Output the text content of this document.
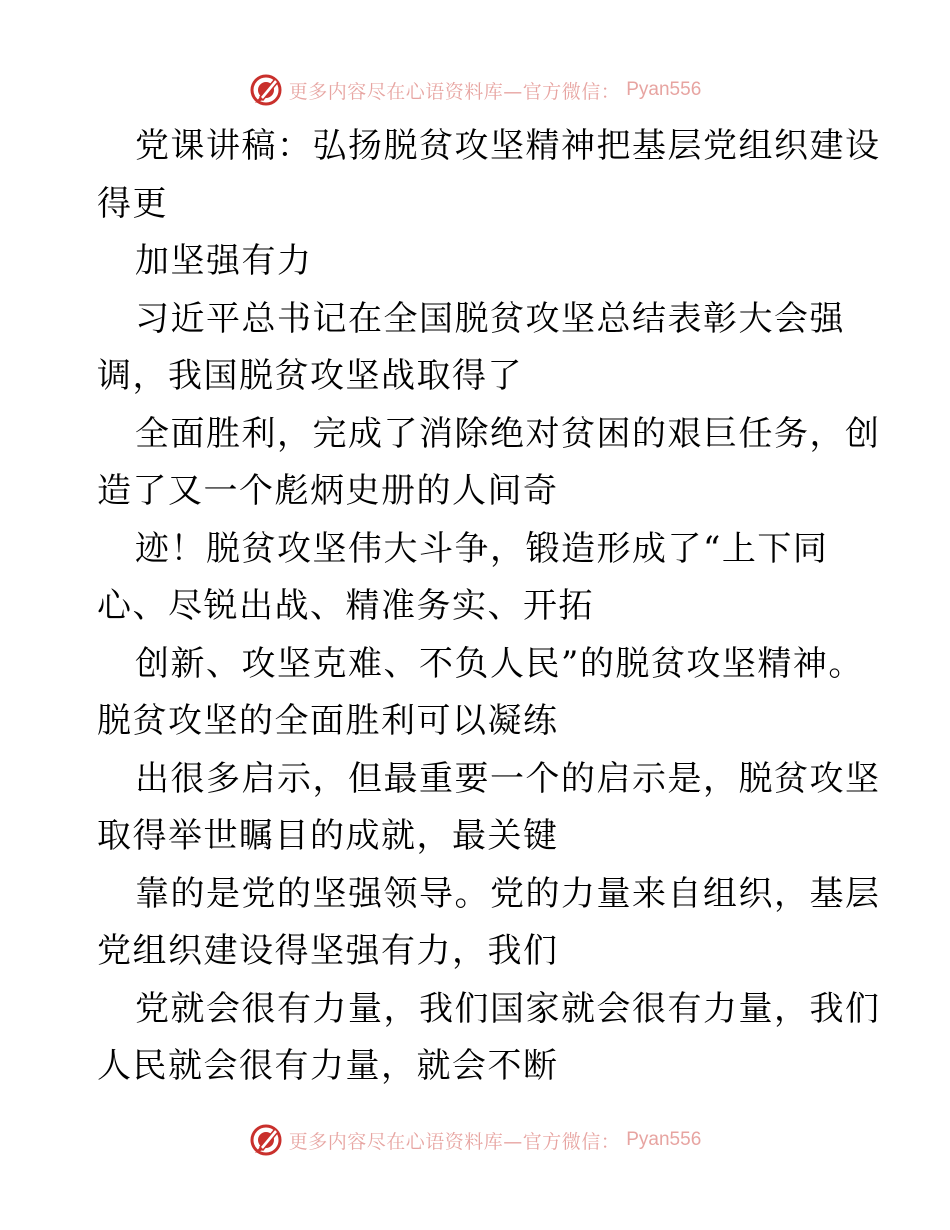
更多内容尽在心语资料库—官方微信： Pyan556
党课讲稿：弘扬脱贫攻坚精神把基层党组织建设
得更
加坚强有力
习近平总书记在全国脱贫攻坚总结表彰大会强
调，我国脱贫攻坚战取得了
全面胜利，完成了消除绝对贫困的艰巨任务，创
造了又一个彪炳史册的人间奇
迹！脱贫攻坚伟大斗争，锻造形成了“上下同
心、尽锐出战、精准务实、开拓
创新、攻坚克难、不负人民”的脱贫攻坚精神。
脱贫攻坚的全面胜利可以凝练
出很多启示，但最重要一个的启示是，脱贫攻坚
取得举世瞩目的成就，最关键
靠的是党的坚强领导。党的力量来自组织，基层
党组织建设得坚强有力，我们
党就会很有力量，我们国家就会很有力量，我们
人民就会很有力量，就会不断
更多内容尽在心语资料库—官方微信： Pyan556
